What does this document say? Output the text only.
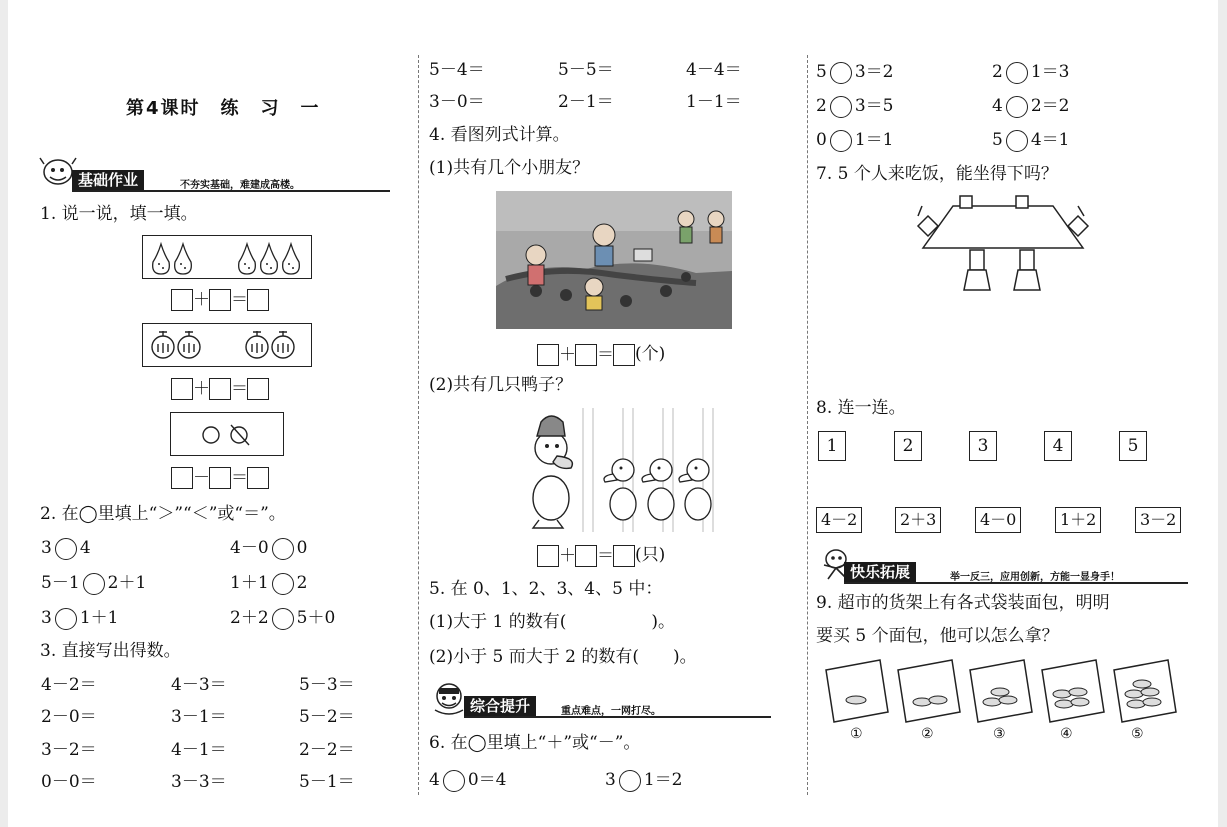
第4课时　练　习　一
基础作业	不夯实基础，难建成高楼。
1. 说一说，填一填。
＋ ＝
＋ ＝
－ ＝
2. 在◯里填上“＞”“＜”或“＝”。
3 4	4－0 0
5－1 2＋1	1＋1 2
3 1＋1	2＋2 5＋0
3. 直接写出得数。
4－2＝	4－3＝	5－3＝
2－0＝	3－1＝	5－2＝
3－2＝	4－1＝	2－2＝
0－0＝	3－3＝	5－1＝
5－4＝	5－5＝	4－4＝
3－0＝	2－1＝	1－1＝
4. 看图列式计算。
(1)共有几个小朋友？
＋ ＝ (个)
(2)共有几只鸭子？
＋ ＝ (只)
5. 在 0、1、2、3、4、5 中：
(1)大于 1 的数有(　　　　　)。
(2)小于 5 而大于 2 的数有(　　)。
综合提升	重点难点，一网打尽。
6. 在◯里填上“＋”或“－”。
4 0＝4	3 1＝2
5 3＝2	2 1＝3
2 3＝5	4 2＝2
0 1＝1	5 4＝1
7. 5 个人来吃饭，能坐得下吗？
8. 连一连。
1	2	3	4	5
4－2	2＋3	4－0	1＋2	3－2
快乐拓展	举一反三，应用创新，方能一显身手！
9. 超市的货架上有各式袋装面包，明明
要买 5 个面包，他可以怎么拿？
①	②	③	④	⑤
